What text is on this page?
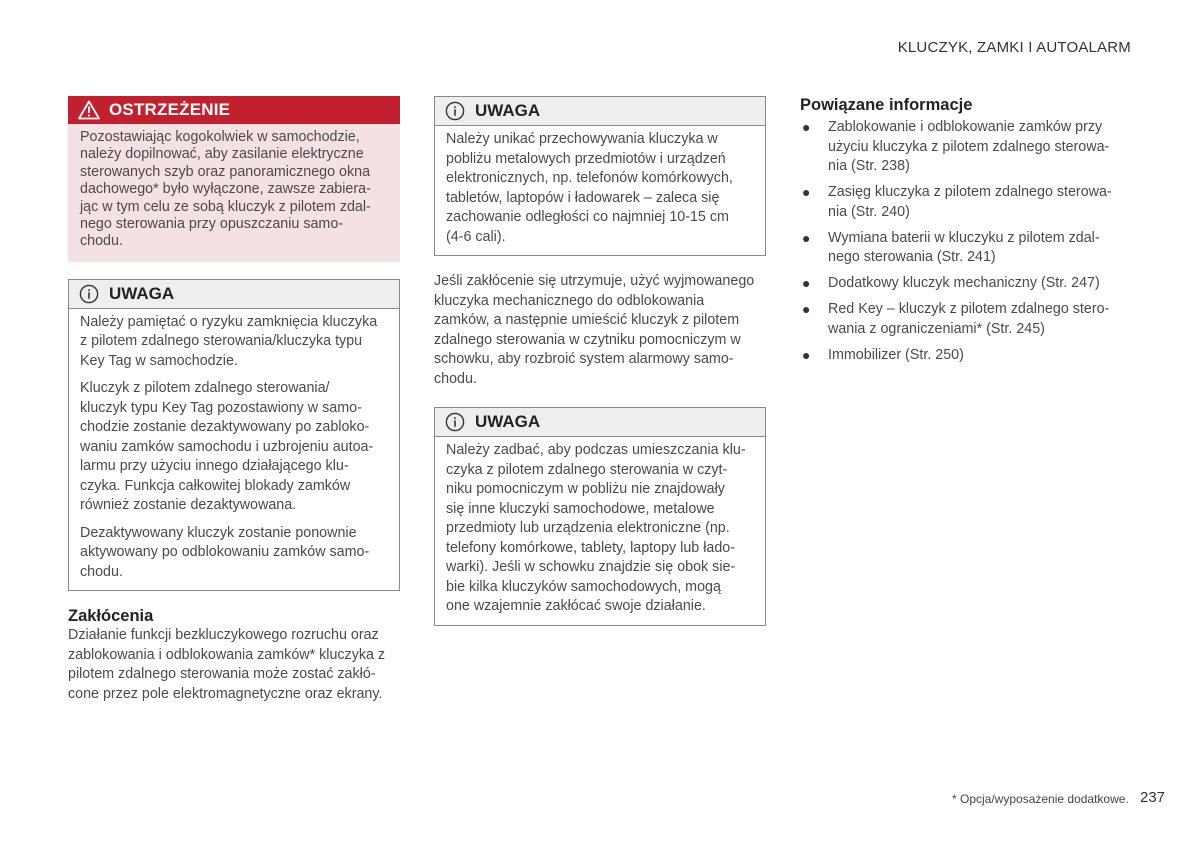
KLUCZYK, ZAMKI I AUTOALARM
OSTRZEŻENIE
Pozostawiając kogokolwiek w samochodzie,
należy dopilnować, aby zasilanie elektryczne
sterowanych szyb oraz panoramicznego okna
dachowego* było wyłączone, zawsze zabiera-
jąc w tym celu ze sobą kluczyk z pilotem zdal-
nego sterowania przy opuszczaniu samo-
chodu.
UWAGA

Należy pamiętać o ryzyku zamknięcia kluczyka
z pilotem zdalnego sterowania/kluczyka typu
Key Tag w samochodzie.

Kluczyk z pilotem zdalnego sterowania/
kluczyk typu Key Tag pozostawiony w samo-
chodzie zostanie dezaktywowany po zabloko-
waniu zamków samochodu i uzbrojeniu autoa-
larmu przy użyciu innego działającego klu-
czyka. Funkcja całkowitej blokady zamków
również zostanie dezaktywowana.

Dezaktywowany kluczyk zostanie ponownie
aktywowany po odblokowaniu zamków samo-
chodu.

Zakłócenia
Działanie funkcji bezkluczykowego rozruchu oraz
zablokowania i odblokowania zamków* kluczyka z
pilotem zdalnego sterowania może zostać zakłó-
cone przez pole elektromagnetyczne oraz ekrany.
UWAGA
Należy unikać przechowywania kluczyka w
pobliżu metalowych przedmiotów i urządzeń
elektronicznych, np. telefonów komórkowych,
tabletów, laptopów i ładowarek – zaleca się
zachowanie odległości co najmniej 10-15 cm
(4-6 cali).
Jeśli zakłócenie się utrzymuje, użyć wyjmowanego
kluczyka mechanicznego do odblokowania
zamków, a następnie umieścić kluczyk z pilotem
zdalnego sterowania w czytniku pomocniczym w
schowku, aby rozbroić system alarmowy samo-
chodu.
UWAGA
Należy zadbać, aby podczas umieszczania klu-
czyka z pilotem zdalnego sterowania w czyt-
niku pomocniczym w pobliżu nie znajdowały
się inne kluczyki samochodowe, metalowe
przedmioty lub urządzenia elektroniczne (np.
telefony komórkowe, tablety, laptopy lub łado-
warki). Jeśli w schowku znajdzie się obok sie-
bie kilka kluczyków samochodowych, mogą
one wzajemnie zakłócać swoje działanie.
Powiązane informacje
● Zablokowanie i odblokowanie zamków przy
użyciu kluczyka z pilotem zdalnego sterowa-
nia (Str. 238)
● Zasięg kluczyka z pilotem zdalnego sterowa-
nia (Str. 240)
● Wymiana baterii w kluczyku z pilotem zdal-
nego sterowania (Str. 241)
● Dodatkowy kluczyk mechaniczny (Str. 247)
● Red Key – kluczyk z pilotem zdalnego stero-
wania z ograniczeniami* (Str. 245)
● Immobilizer (Str. 250)
* Opcja/wyposażenie dodatkowe. 237
